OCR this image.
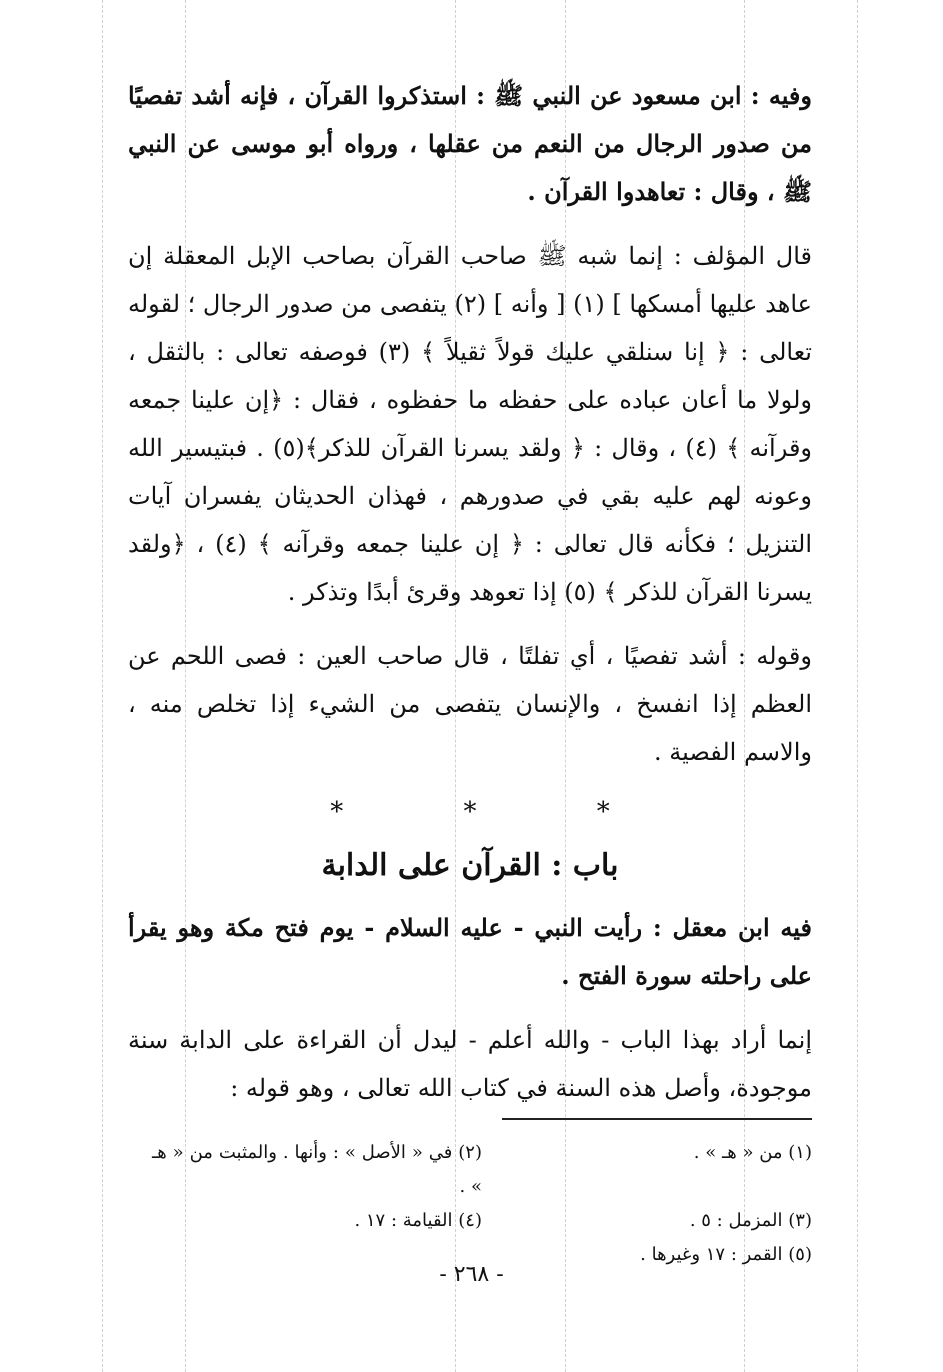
وفيه : ابن مسعود عن النبي ﷺ : استذكروا القرآن ، فإنه أشد تفصيًا من صدور الرجال من النعم من عقلها ، ورواه أبو موسى عن النبي ﷺ ، وقال : تعاهدوا القرآن .

قال المؤلف : إنما شبه ﷺ صاحب القرآن بصاحب الإبل المعقلة إن عاهد عليها أمسكها ] (١) [ وأنه ] (٢) يتفصى من صدور الرجال ؛ لقوله تعالى : ﴿ إنا سنلقي عليك قولاً ثقيلاً ﴾ (٣) فوصفه تعالى : بالثقل ، ولولا ما أعان عباده على حفظه ما حفظوه ، فقال : ﴿إن علينا جمعه وقرآنه ﴾ (٤) ، وقال : ﴿ ولقد يسرنا القرآن للذكر﴾(٥) . فبتيسير الله وعونه لهم عليه بقي في صدورهم ، فهذان الحديثان يفسران آيات التنزيل ؛ فكأنه قال تعالى : ﴿ إن علينا جمعه وقرآنه ﴾ (٤) ، ﴿ولقد يسرنا القرآن للذكر ﴾ (٥) إذا تعوهد وقرئ أبدًا وتذكر .

وقوله : أشد تفصيًا ، أي تفلتًا ، قال صاحب العين : فصى اللحم عن العظم إذا انفسخ ، والإنسان يتفصى من الشيء إذا تخلص منه ، والاسم الفصية .

* * *
باب : القرآن على الدابة

فيه ابن معقل : رأيت النبي - عليه السلام - يوم فتح مكة وهو يقرأ على راحلته سورة الفتح .

إنما أراد بهذا الباب - والله أعلم - ليدل أن القراءة على الدابة سنة موجودة، وأصل هذه السنة في كتاب الله تعالى ، وهو قوله :

(١) من « هـ » .
(٢) في « الأصل » : وأنها . والمثبت من « هـ » .
(٣) المزمل : ٥ .
(٤) القيامة : ١٧ .
(٥) القمر : ١٧ وغيرها .
- ٢٦٨ -
